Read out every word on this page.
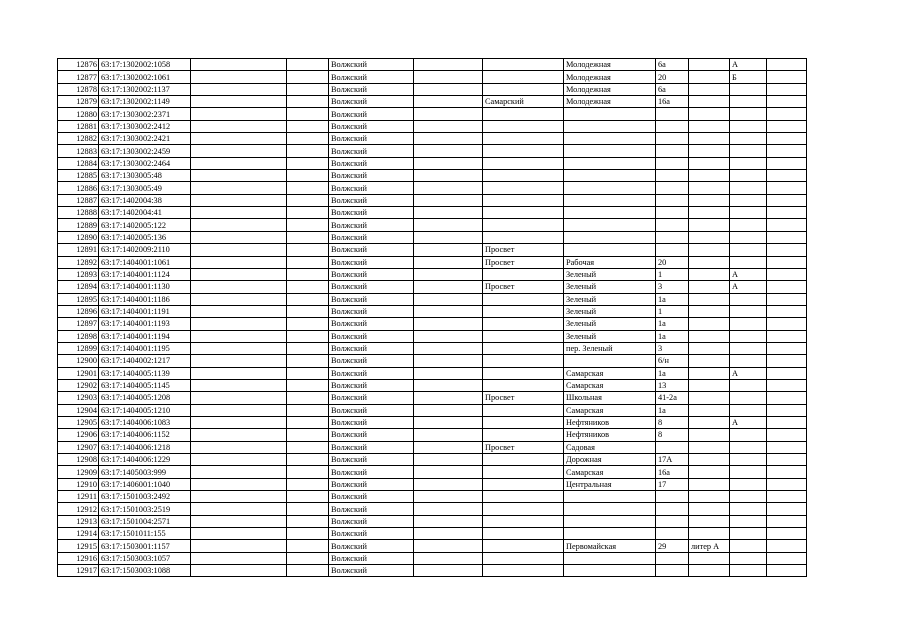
12876	63:17:1302002:1058			Волжский			Молодежная	6а		А	
12877	63:17:1302002:1061			Волжский			Молодежная	20		Б	
12878	63:17:1302002:1137			Волжский			Молодежная	6а			
12879	63:17:1302002:1149			Волжский		Самарский	Молодежная	16а			
12880	63:17:1303002:2371			Волжский							
12881	63:17:1303002:2412			Волжский							
12882	63:17:1303002:2421			Волжский							
12883	63:17:1303002:2459			Волжский							
12884	63:17:1303002:2464			Волжский							
12885	63:17:1303005:48			Волжский							
12886	63:17:1303005:49			Волжский							
12887	63:17:1402004:38			Волжский							
12888	63:17:1402004:41			Волжский							
12889	63:17:1402005:122			Волжский							
12890	63:17:1402005:136			Волжский							
12891	63:17:1402009:2110			Волжский		Просвет					
12892	63:17:1404001:1061			Волжский		Просвет	Рабочая	20			
12893	63:17:1404001:1124			Волжский			Зеленый	1		А	
12894	63:17:1404001:1130			Волжский		Просвет	Зеленый	3		А	
12895	63:17:1404001:1186			Волжский			Зеленый	1а			
12896	63:17:1404001:1191			Волжский			Зеленый	1			
12897	63:17:1404001:1193			Волжский			Зеленый	1а			
12898	63:17:1404001:1194			Волжский			Зеленый	1а			
12899	63:17:1404001:1195			Волжский			пер. Зеленый	3			
12900	63:17:1404002:1217			Волжский				6/н			
12901	63:17:1404005:1139			Волжский			Самарская	1а		А	
12902	63:17:1404005:1145			Волжский			Самарская	13			
12903	63:17:1404005:1208			Волжский		Просвет	Школьная	41-2а			
12904	63:17:1404005:1210			Волжский			Самарская	1а			
12905	63:17:1404006:1083			Волжский			Нефтяников	8		А	
12906	63:17:1404006:1152			Волжский			Нефтяников	8			
12907	63:17:1404006:1218			Волжский		Просвет	Садовая				
12908	63:17:1404006:1229			Волжский			Дорожная	17А			
12909	63:17:1405003:999			Волжский			Самарская	16а			
12910	63:17:1406001:1040			Волжский			Центральная	17			
12911	63:17:1501003:2492			Волжский							
12912	63:17:1501003:2519			Волжский							
12913	63:17:1501004:2571			Волжский							
12914	63:17:1501011:155			Волжский							
12915	63:17:1503001:1157			Волжский			Первомайская	29	литер А		
12916	63:17:1503003:1057			Волжский							
12917	63:17:1503003:1088			Волжский							
